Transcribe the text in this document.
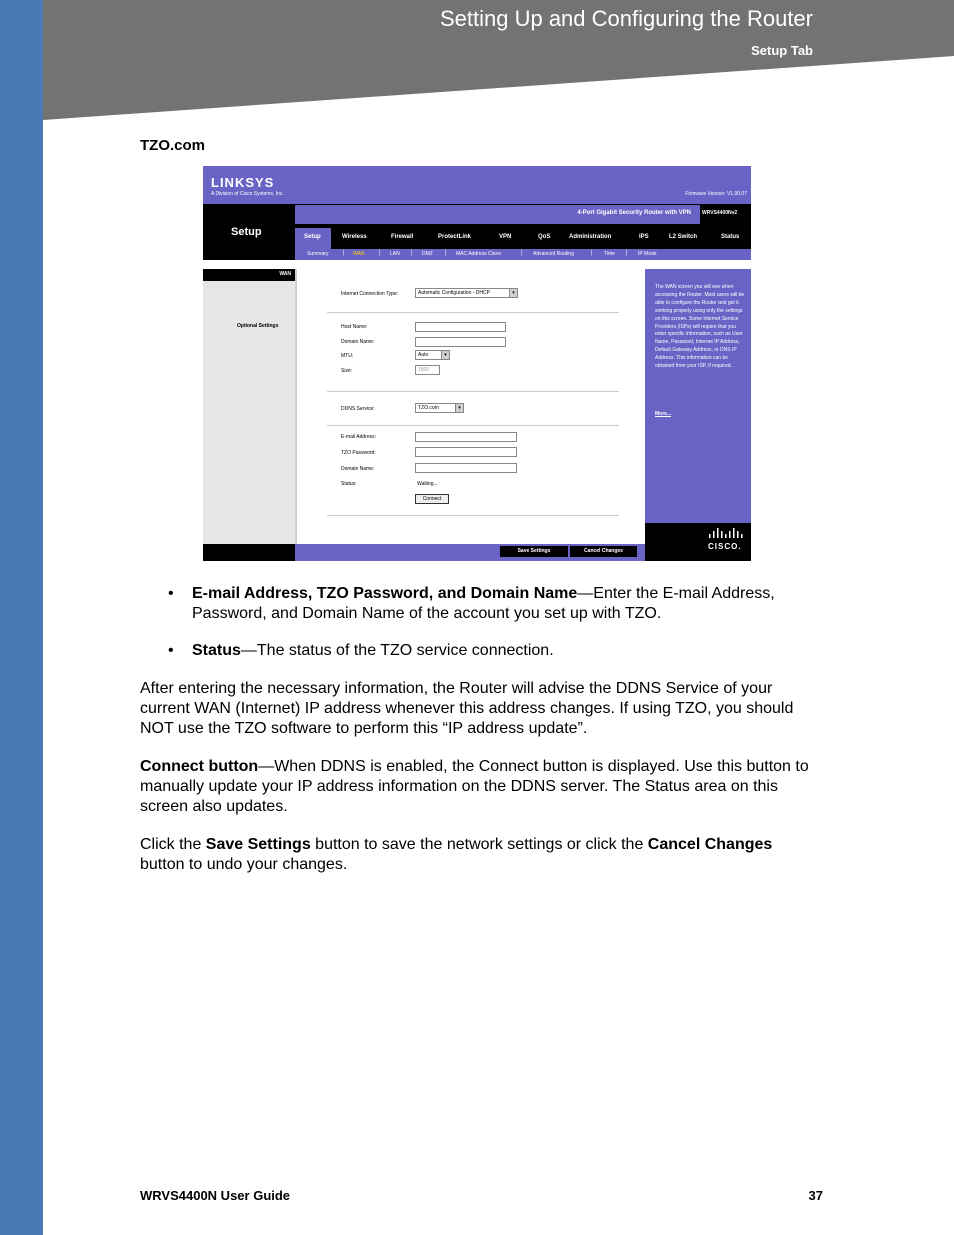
Setting Up and Configuring the Router
Setup Tab
TZO.com
LINKSYS
A Division of Cisco Systems, Inc.	Firmware Version: V1.00.07
Setup
4-Port Gigabit Security Router with VPN WRVS4400Nv2
Setup	Wireless	Firewall	ProtectLink	VPN	QoS	Administration	IPS	L2 Switch	Status
Summary | WAN | LAN | DMZ | MAC Address Clone	| Advanced Routing	| Time | IP Mode
WAN
Optional Settings
Internet Connection Type:	Automatic Configuration - DHCP	▾
Host Name:
Domain Name:
MTU:	Auto	▾
Size:	1500
DDNS Service:	TZO.com	▾
E-mail Address:
TZO Password:
Domain Name:
Status:	Waiting...
Connect
The WAN screen you will see when accessing the Router. Most users will be able to configure the Router and get it working properly using only the settings on this screen. Some Internet Service Providers (ISPs) will require that you enter specific information, such as User Name, Password, Internet IP Address, Default Gateway Address, or DNS IP Address. This information can be obtained from your ISP, if required.
More...
Save Settings	Cancel Changes	CISCO.
• E-mail Address, TZO Password, and Domain Name—Enter the E-mail Address, Password, and Domain Name of the account you set up with TZO.
• Status—The status of the TZO service connection.
After entering the necessary information, the Router will advise the DDNS Service of your current WAN (Internet) IP address whenever this address changes. If using TZO, you should NOT use the TZO software to perform this “IP address update”.
Connect button—When DDNS is enabled, the Connect button is displayed. Use this button to manually update your IP address information on the DDNS server. The Status area on this screen also updates.
Click the Save Settings button to save the network settings or click the Cancel Changes button to undo your changes.
WRVS4400N User Guide	37
